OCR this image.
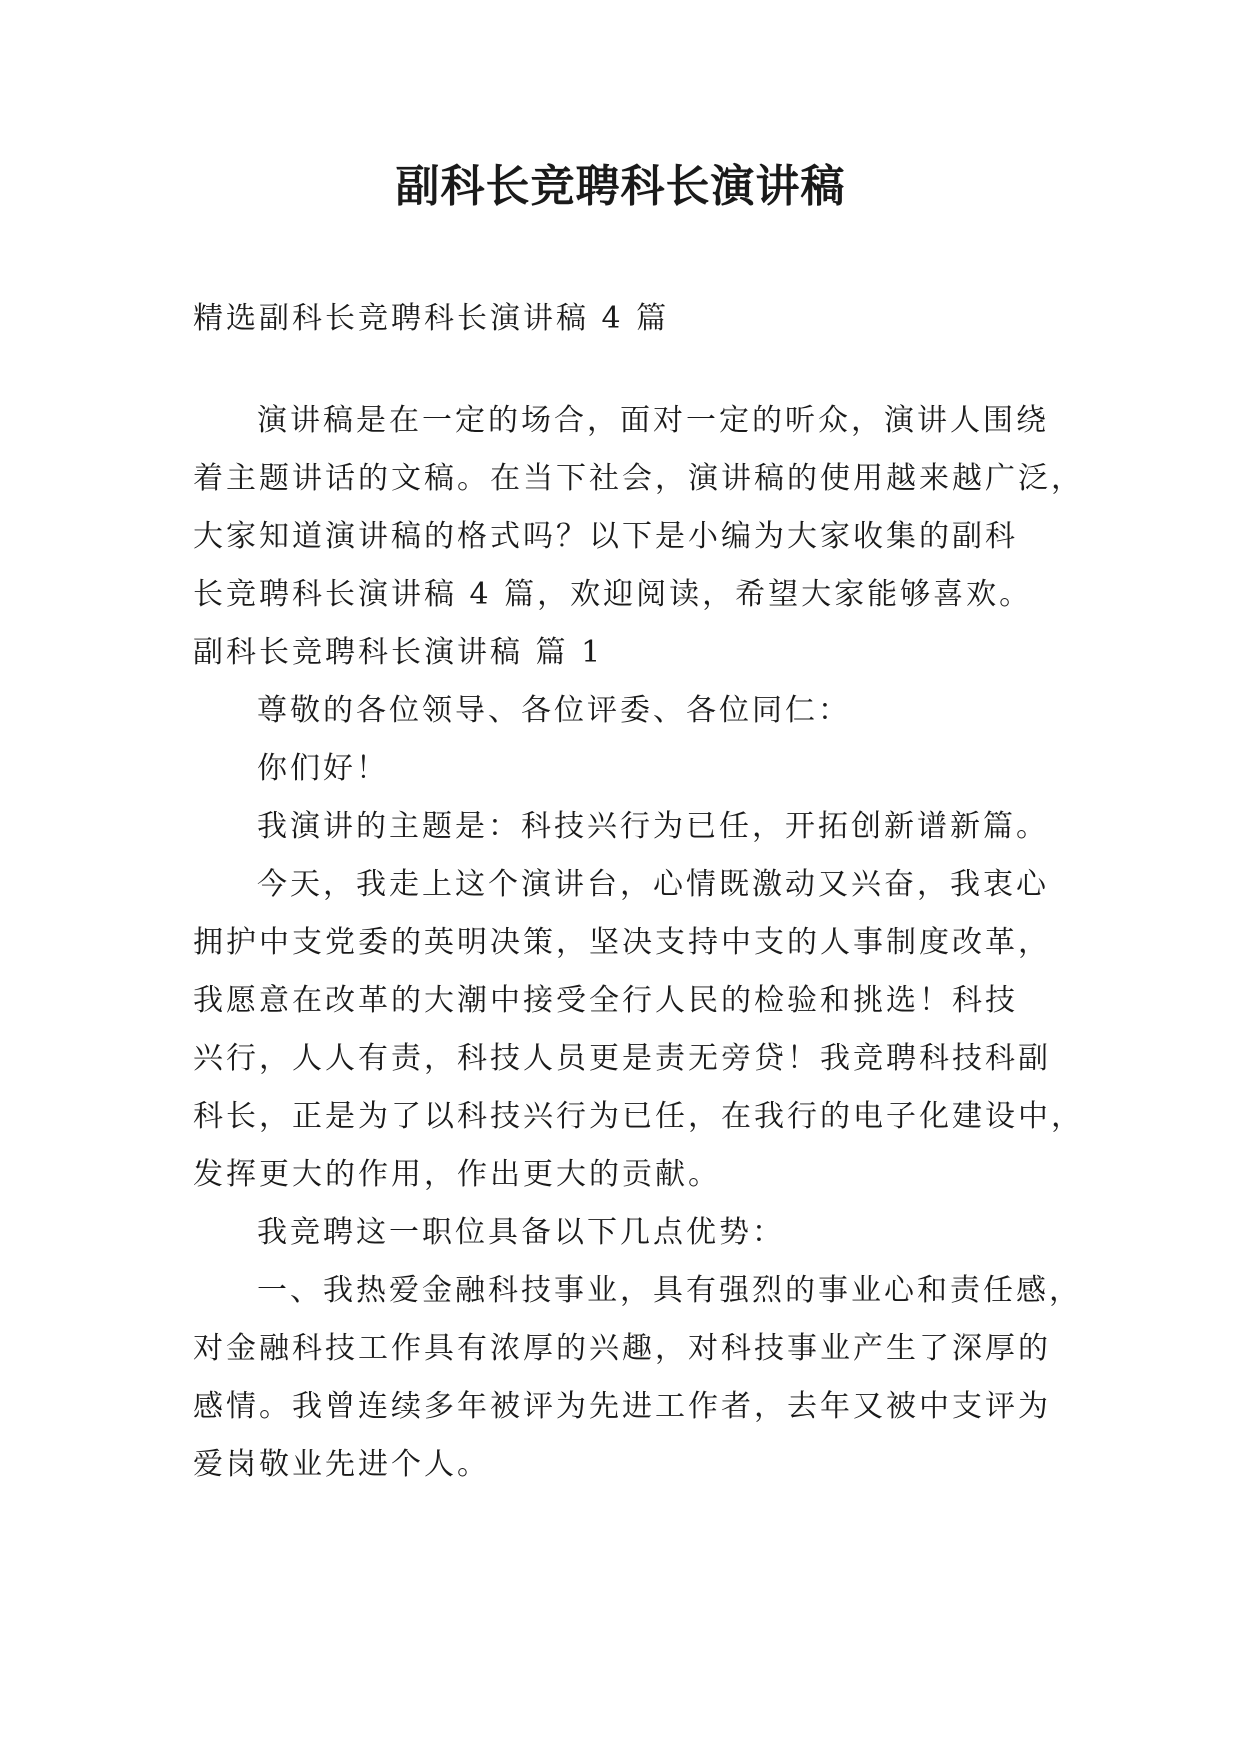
副科长竞聘科长演讲稿
精选副科长竞聘科长演讲稿 4 篇
演讲稿是在一定的场合，面对一定的听众，演讲人围绕
着主题讲话的文稿。在当下社会，演讲稿的使用越来越广泛，
大家知道演讲稿的格式吗？以下是小编为大家收集的副科
长竞聘科长演讲稿 4 篇，欢迎阅读，希望大家能够喜欢。
副科长竞聘科长演讲稿 篇 1
尊敬的各位领导、各位评委、各位同仁：
你们好！
我演讲的主题是：科技兴行为已任，开拓创新谱新篇。
今天，我走上这个演讲台，心情既激动又兴奋，我衷心
拥护中支党委的英明决策，坚决支持中支的人事制度改革，
我愿意在改革的大潮中接受全行人民的检验和挑选！科技
兴行，人人有责，科技人员更是责无旁贷！我竞聘科技科副
科长，正是为了以科技兴行为已任，在我行的电子化建设中，
发挥更大的作用，作出更大的贡献。
我竞聘这一职位具备以下几点优势：
一、我热爱金融科技事业，具有强烈的事业心和责任感，
对金融科技工作具有浓厚的兴趣，对科技事业产生了深厚的
感情。我曾连续多年被评为先进工作者，去年又被中支评为
爱岗敬业先进个人。
